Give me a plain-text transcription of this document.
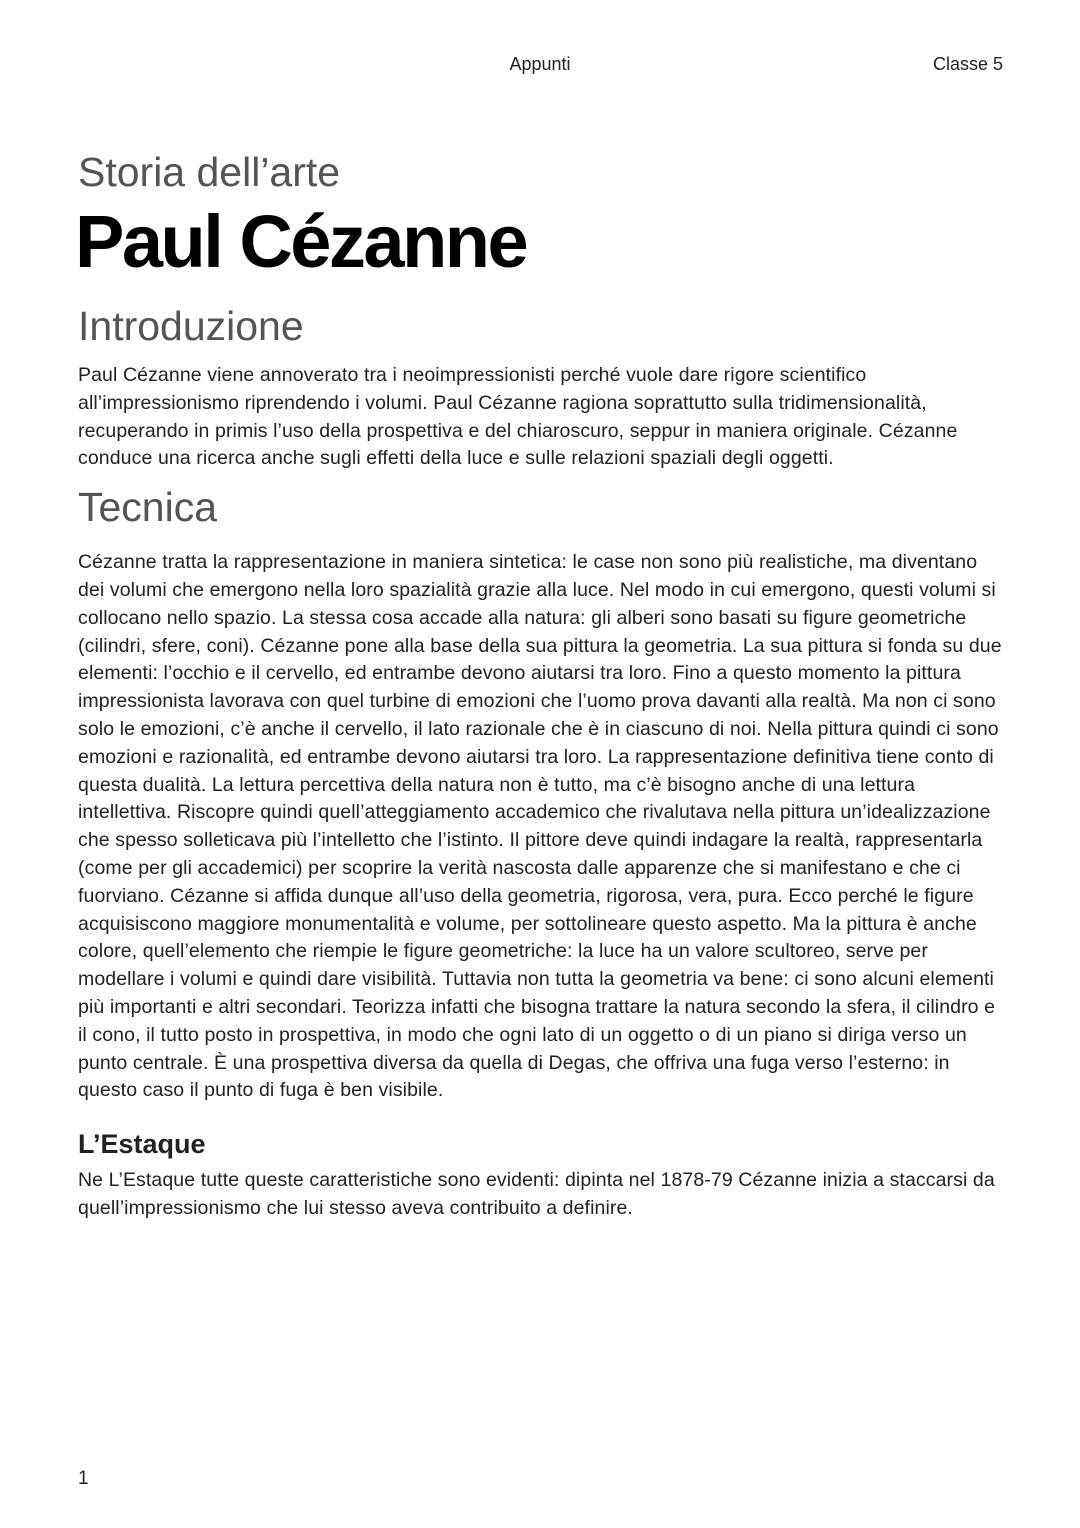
Appunti	Classe 5
Storia dell’arte
Paul Cézanne
Introduzione

Paul Cézanne viene annoverato tra i neoimpressionisti perché vuole dare rigore scientifico all’impressionismo riprendendo i volumi. Paul Cézanne ragiona soprattutto sulla tridimensionalità, recuperando in primis l’uso della prospettiva e del chiaroscuro, seppur in maniera originale. Cézanne conduce una ricerca anche sugli effetti della luce e sulle relazioni spaziali degli oggetti.

Tecnica

Cézanne tratta la rappresentazione in maniera sintetica: le case non sono più realistiche, ma diventano dei volumi che emergono nella loro spazialità grazie alla luce. Nel modo in cui emergono, questi volumi si collocano nello spazio. La stessa cosa accade alla natura: gli alberi sono basati su figure geometriche (cilindri, sfere, coni). Cézanne pone alla base della sua pittura la geometria. La sua pittura si fonda su due elementi: l’occhio e il cervello, ed entrambe devono aiutarsi tra loro. Fino a questo momento la pittura impressionista lavorava con quel turbine di emozioni che l’uomo prova davanti alla realtà. Ma non ci sono solo le emozioni, c’è anche il cervello, il lato razionale che è in ciascuno di noi. Nella pittura quindi ci sono emozioni e razionalità, ed entrambe devono aiutarsi tra loro. La rappresentazione definitiva tiene conto di questa dualità. La lettura percettiva della natura non è tutto, ma c’è bisogno anche di una lettura intellettiva. Riscopre quindi quell’atteggiamento accademico che rivalutava nella pittura un’idealizzazione che spesso solleticava più l’intelletto che l’istinto. Il pittore deve quindi indagare la realtà, rappresentarla (come per gli accademici) per scoprire la verità nascosta dalle apparenze che si manifestano e che ci fuorviano. Cézanne si affida dunque all’uso della geometria, rigorosa, vera, pura. Ecco perché le figure acquisiscono maggiore monumentalità e volume, per sottolineare questo aspetto. Ma la pittura è anche colore, quell’elemento che riempie le figure geometriche: la luce ha un valore scultoreo, serve per modellare i volumi e quindi dare visibilità. Tuttavia non tutta la geometria va bene: ci sono alcuni elementi più importanti e altri secondari. Teorizza infatti che bisogna trattare la natura secondo la sfera, il cilindro e il cono, il tutto posto in prospettiva, in modo che ogni lato di un oggetto o di un piano si diriga verso un punto centrale. È una prospettiva diversa da quella di Degas, che offriva una fuga verso l’esterno: in questo caso il punto di fuga è ben visibile.

L’Estaque

Ne L’Estaque tutte queste caratteristiche sono evidenti: dipinta nel 1878-79 Cézanne inizia a staccarsi da quell’impressionismo che lui stesso aveva contribuito a definire.

1
